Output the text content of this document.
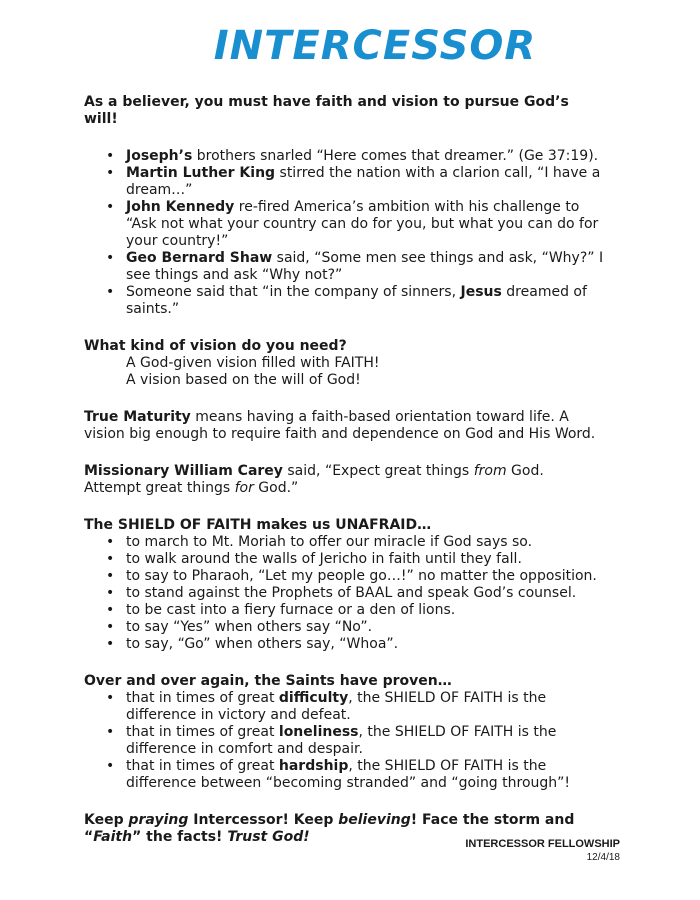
INTERCESSOR

As a believer, you must have faith and vision to pursue God’s will!

• Joseph’s brothers snarled “Here comes that dreamer.” (Ge 37:19).
• Martin Luther King stirred the nation with a clarion call, “I have a dream…”
• John Kennedy re-fired America’s ambition with his challenge to “Ask not what your country can do for you, but what you can do for your country!”
• Geo Bernard Shaw said, “Some men see things and ask, “Why?” I see things and ask “Why not?”
• Someone said that “in the company of sinners, Jesus dreamed of saints.”

What kind of vision do you need?

A God-given vision filled with FAITH!

A vision based on the will of God!

True Maturity means having a faith-based orientation toward life. A vision big enough to require faith and dependence on God and His Word.

Missionary William Carey said, “Expect great things from God. Attempt great things for God.”

The SHIELD OF FAITH makes us UNAFRAID…

• to march to Mt. Moriah to offer our miracle if God says so.
• to walk around the walls of Jericho in faith until they fall.
• to say to Pharaoh, “Let my people go…!” no matter the opposition.
• to stand against the Prophets of BAAL and speak God’s counsel.
• to be cast into a fiery furnace or a den of lions.
• to say “Yes” when others say “No”.
• to say, “Go” when others say, “Whoa”.

Over and over again, the Saints have proven…

• that in times of great difficulty, the SHIELD OF FAITH is the difference in victory and defeat.
• that in times of great loneliness, the SHIELD OF FAITH is the difference in comfort and despair.
• that in times of great hardship, the SHIELD OF FAITH is the difference between “becoming stranded” and “going through”!

Keep praying Intercessor! Keep believing! Face the storm and “Faith” the facts! Trust God!	INTERCESSOR FELLOWSHIP
12/4/18
